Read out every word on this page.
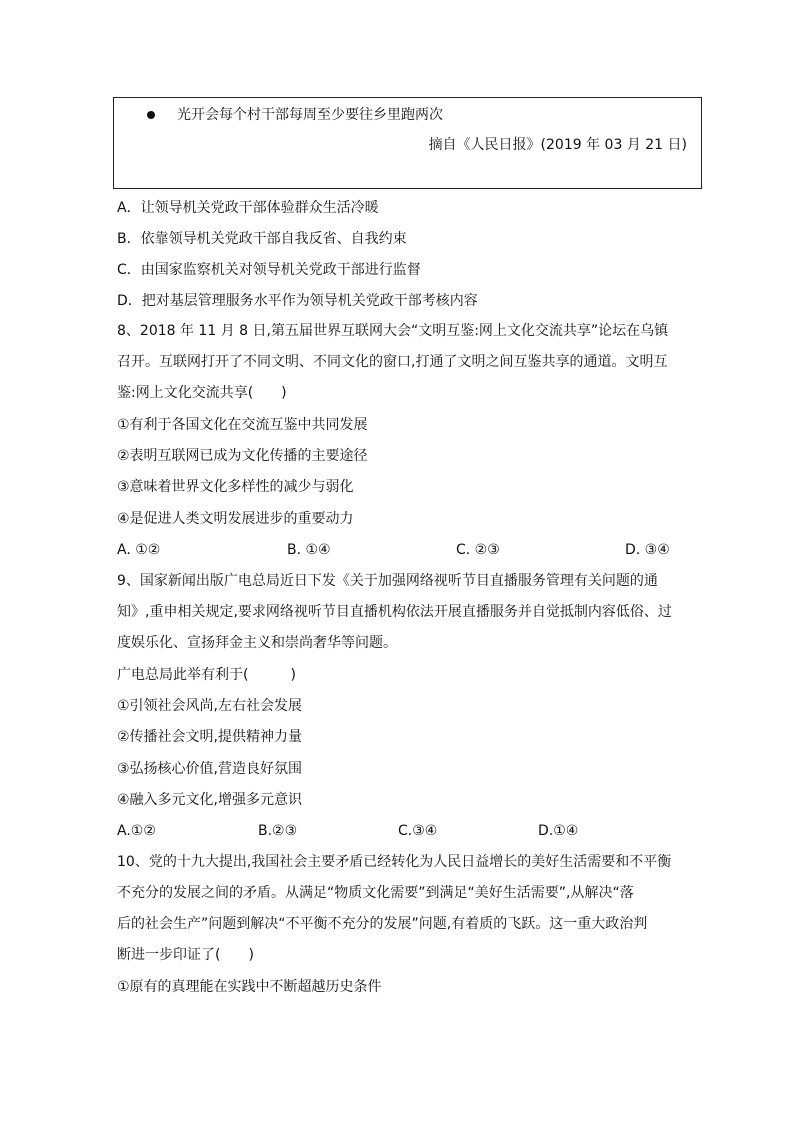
光开会每个村干部每周至少要往乡里跑两次
摘自《人民日报》(2019 年 03 月 21 日)
A．让领导机关党政干部体验群众生活冷暖
B．依靠领导机关党政干部自我反省、自我约束
C．由国家监察机关对领导机关党政干部进行监督
D．把对基层管理服务水平作为领导机关党政干部考核内容
8、2018 年 11 月 8 日,第五届世界互联网大会“文明互鉴:网上文化交流共享”论坛在乌镇
召开。互联网打开了不同文明、不同文化的窗口,打通了文明之间互鉴共享的通道。文明互
鉴:网上文化交流共享(　　)
①有利于各国文化在交流互鉴中共同发展
②表明互联网已成为文化传播的主要途径
③意味着世界文化多样性的减少与弱化
④是促进人类文明发展进步的重要动力
A. ①②	B. ①④	C. ②③	D. ③④
9、国家新闻出版广电总局近日下发《关于加强网络视听节目直播服务管理有关问题的通
知》,重申相关规定,要求网络视听节目直播机构依法开展直播服务并自觉抵制内容低俗、过
度娱乐化、宣扬拜金主义和崇尚奢华等问题。
广电总局此举有利于(　　　)
①引领社会风尚,左右社会发展
②传播社会文明,提供精神力量
③弘扬核心价值,营造良好氛围
④融入多元文化,增强多元意识
A.①②	B.②③	C.③④	D.①④
10、党的十九大提出,我国社会主要矛盾已经转化为人民日益增长的美好生活需要和不平衡
不充分的发展之间的矛盾。从满足“物质文化需要”到满足“美好生活需要”,从解决“落
后的社会生产”问题到解决“不平衡不充分的发展”问题,有着质的飞跃。这一重大政治判
断进一步印证了(　　)
①原有的真理能在实践中不断超越历史条件
